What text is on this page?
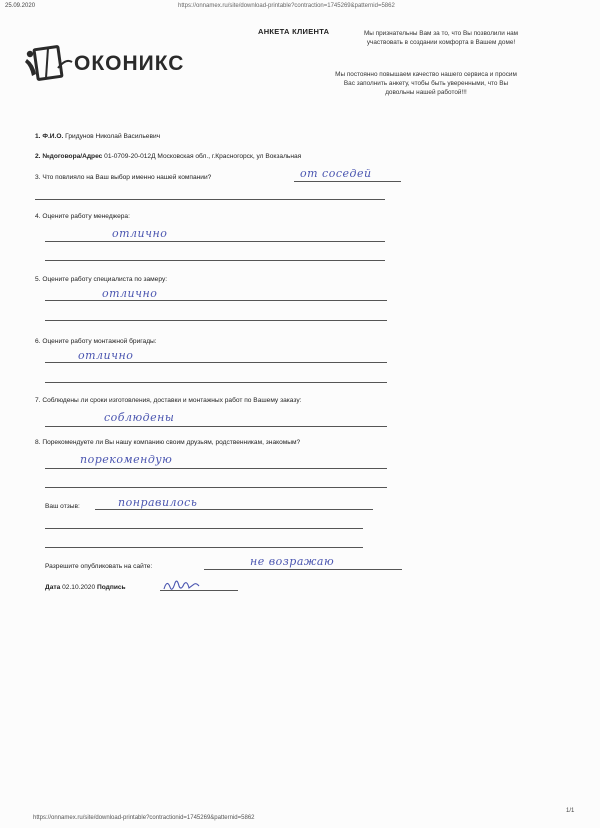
25.09.2020	https://onnamex.ru/site/download-printable?contraction=1745269&patternid=5862
АНКЕТА КЛИЕНТА
ОКОНИКС
Мы признательны Вам за то, что Вы позволили нам
участвовать в создании комфорта в Вашем доме!
Мы постоянно повышаем качество нашего сервиса и просим
Вас заполнить анкету, чтобы быть уверенными, что Вы
довольны нашей работой!!!
1. Ф.И.О. Гридунов Николай Васильевич
2. №договора/Адрес 01-0709-20-012Д Московская обл., г.Красногорск, ул Вокзальная
3. Что повлияло на Ваш выбор именно нашей компании?	от соседей
4. Оцените работу менеджера:
отлично
5. Оцените работу специалиста по замеру:
отлично
6. Оцените работу монтажной бригады:
отлично
7. Соблюдены ли сроки изготовления, доставки и монтажных работ по Вашему заказу:
соблюдены
8. Порекомендуете ли Вы нашу компанию своим друзьям, родственникам, знакомым?
порекомендую
Ваш отзыв:	понравилось
Разрешите опубликовать на сайте:	не возражаю
Дата 02.10.2020 Подпись
https://onnamex.ru/site/download-printable?contractionid=1745269&patternid=5862
1/1
